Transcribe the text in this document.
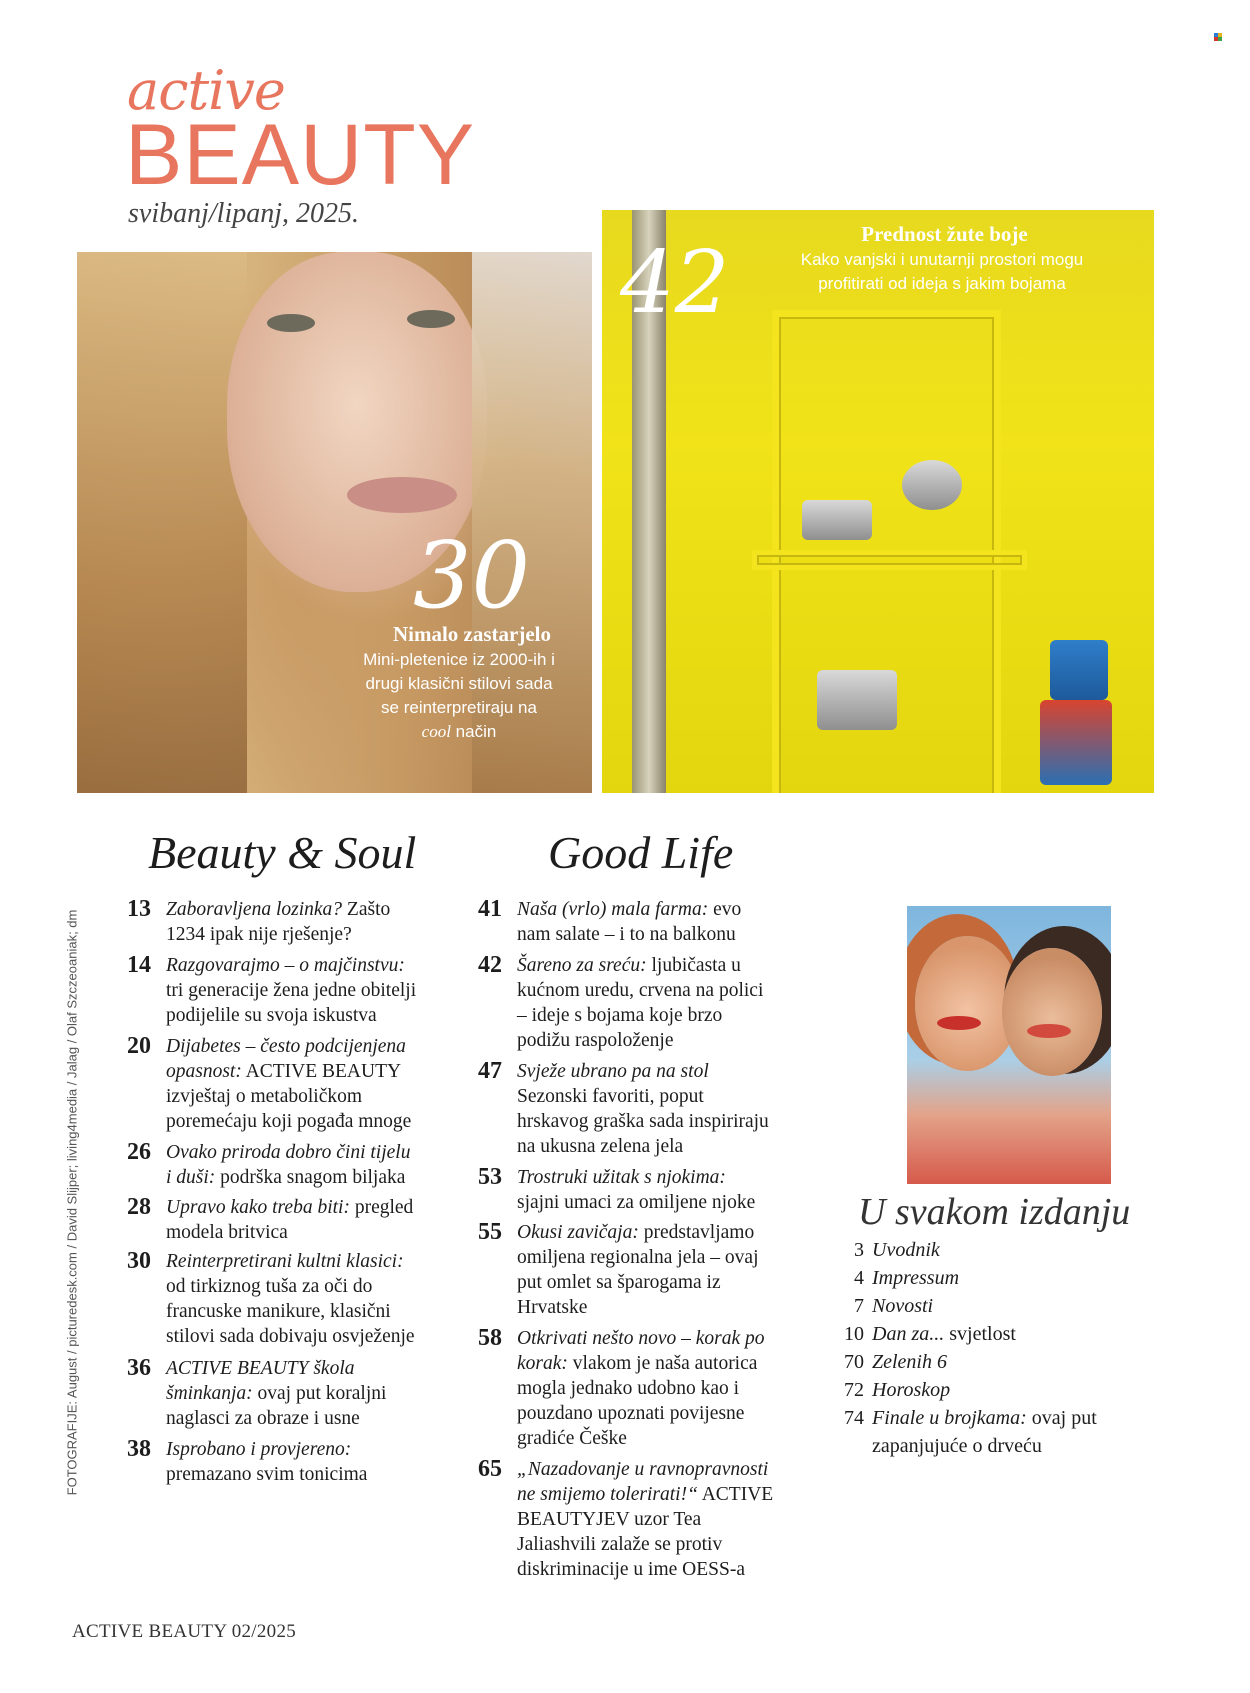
active
BEAUTY
svibanj/lipanj, 2025.
30
Nimalo zastarjelo
Mini-pletenice iz 2000-ih i
drugi klasični stilovi sada
se reinterpretiraju na
cool način
42	Prednost žute boje
Kako vanjski i unutarnji prostori mogu
profitirati od ideja s jakim bojama
Beauty & Soul	Good Life
13 Zaboravljena lozinka? Zašto
1234 ipak nije rješenje?
14 Razgovarajmo – o majčinstvu:
tri generacije žena jedne obitelji
podijelile su svoja iskustva
20 Dijabetes – često podcijenjena
opasnost: ACTIVE BEAUTY
izvještaj o metaboličkom
poremećaju koji pogađa mnoge
26 Ovako priroda dobro čini tijelu
i duši: podrška snagom biljaka
28 Upravo kako treba biti: pregled
modela britvica
30 Reinterpretirani kultni klasici:
od tirkiznog tuša za oči do
francuske manikure, klasični
stilovi sada dobivaju osvježenje
36 ACTIVE BEAUTY škola
šminkanja: ovaj put koraljni
naglasci za obraze i usne
38 Isprobano i provjereno:
premazano svim tonicima
41 Naša (vrlo) mala farma: evo
nam salate – i to na balkonu
42 Šareno za sreću: ljubičasta u
kućnom uredu, crvena na polici
– ideje s bojama koje brzo
podižu raspoloženje
47 Svježe ubrano pa na stol
Sezonski favoriti, poput
hrskavog graška sada inspiriraju
na ukusna zelena jela
53 Trostruki užitak s njokima:
sjajni umaci za omiljene njoke
55 Okusi zavičaja: predstavljamo
omiljena regionalna jela – ovaj
put omlet sa šparogama iz
Hrvatske
58 Otkrivati nešto novo – korak po
korak: vlakom je naša autorica
mogla jednako udobno kao i
pouzdano upoznati povijesne
gradiće Češke
65 „Nazadovanje u ravnopravnosti
ne smijemo tolerirati!“ ACTIVE
BEAUTYJEV uzor Tea
Jaliashvili zalaže se protiv
diskriminacije u ime OESS-a
U svakom izdanju
3 Uvodnik
4 Impressum
7 Novosti
10 Dan za... svjetlost
70 Zelenih 6
72 Horoskop
74 Finale u brojkama: ovaj put
zapanjujuće o drveću
FOTOGRAFIJE: August / picturedesk.com / David Slijper; living4media / Jalag / Olaf Szczeoaniak; dm
ACTIVE BEAUTY 02/2025
